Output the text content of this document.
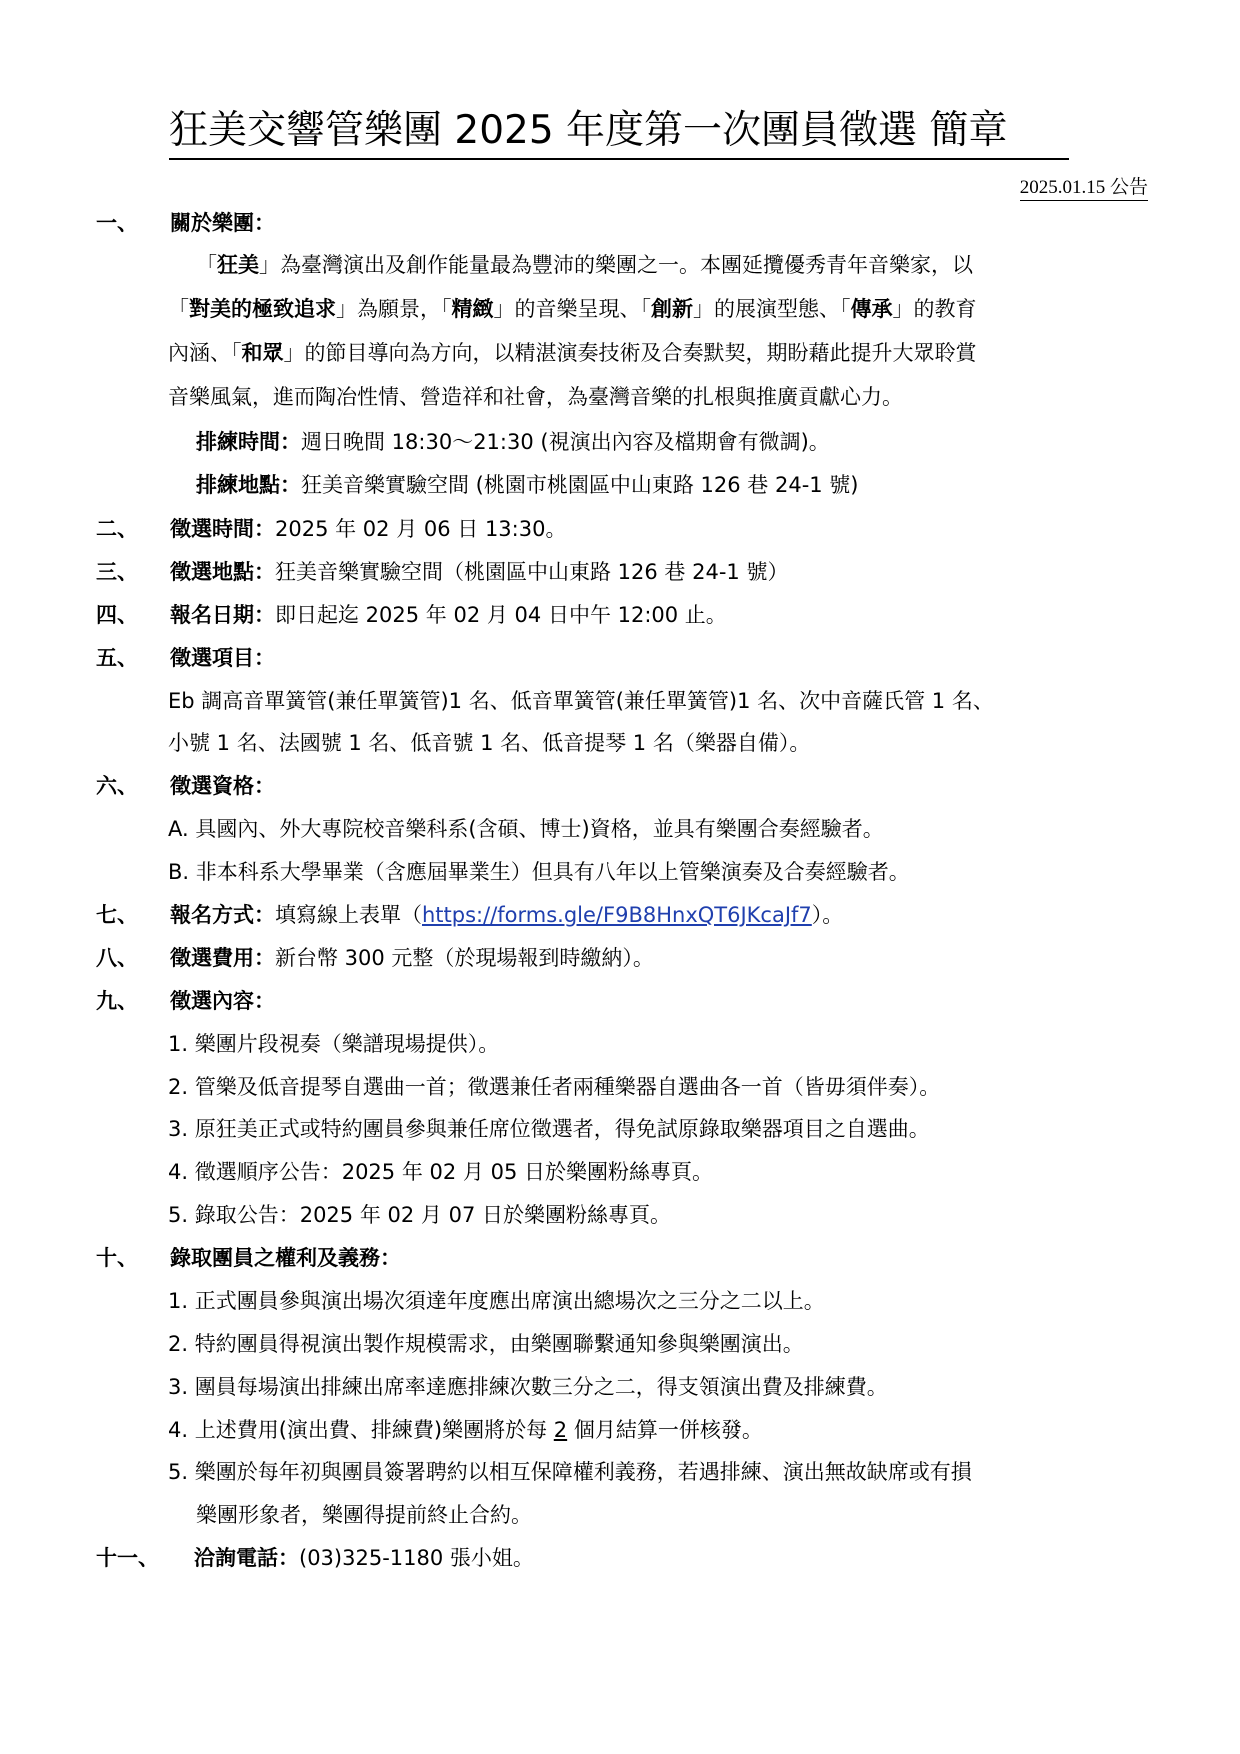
狂美交響管樂團 2025 年度第一次團員徵選 簡章
2025.01.15 公告
一、 關於樂團：
「狂美」為臺灣演出及創作能量最為豐沛的樂團之一。本團延攬優秀青年音樂家，以
「對美的極致追求」為願景，「精緻」的音樂呈現、「創新」的展演型態、「傳承」的教育
內涵、「和眾」的節目導向為方向，以精湛演奏技術及合奏默契，期盼藉此提升大眾聆賞
音樂風氣，進而陶冶性情、營造祥和社會，為臺灣音樂的扎根與推廣貢獻心力。
排練時間：週日晚間 18:30～21:30 (視演出內容及檔期會有微調)。
排練地點：狂美音樂實驗空間 (桃園市桃園區中山東路 126 巷 24-1 號)
二、 徵選時間：2025 年 02 月 06 日 13:30。
三、 徵選地點：狂美音樂實驗空間（桃園區中山東路 126 巷 24-1 號）
四、 報名日期：即日起迄 2025 年 02 月 04 日中午 12:00 止。
五、 徵選項目：
Eb 調高音單簧管(兼任單簧管)1 名、低音單簧管(兼任單簧管)1 名、次中音薩氏管 1 名、
小號 1 名、法國號 1 名、低音號 1 名、低音提琴 1 名（樂器自備）。
六、 徵選資格：
A. 具國內、外大專院校音樂科系(含碩、博士)資格，並具有樂團合奏經驗者。
B. 非本科系大學畢業（含應屆畢業生）但具有八年以上管樂演奏及合奏經驗者。
七、 報名方式：填寫線上表單（https://forms.gle/F9B8HnxQT6JKcaJf7）。
八、 徵選費用：新台幣 300 元整（於現場報到時繳納）。
九、 徵選內容：
1. 樂團片段視奏（樂譜現場提供）。
2. 管樂及低音提琴自選曲一首；徵選兼任者兩種樂器自選曲各一首（皆毋須伴奏）。
3. 原狂美正式或特約團員參與兼任席位徵選者，得免試原錄取樂器項目之自選曲。
4. 徵選順序公告：2025 年 02 月 05 日於樂團粉絲專頁。
5. 錄取公告：2025 年 02 月 07 日於樂團粉絲專頁。
十、 錄取團員之權利及義務：
1. 正式團員參與演出場次須達年度應出席演出總場次之三分之二以上。
2. 特約團員得視演出製作規模需求，由樂團聯繫通知參與樂團演出。
3. 團員每場演出排練出席率達應排練次數三分之二，得支領演出費及排練費。
4. 上述費用(演出費、排練費)樂團將於每 2 個月結算一併核發。
5. 樂團於每年初與團員簽署聘約以相互保障權利義務，若遇排練、演出無故缺席或有損
樂團形象者，樂團得提前終止合約。
十一、 洽詢電話：(03)325-1180 張小姐。
